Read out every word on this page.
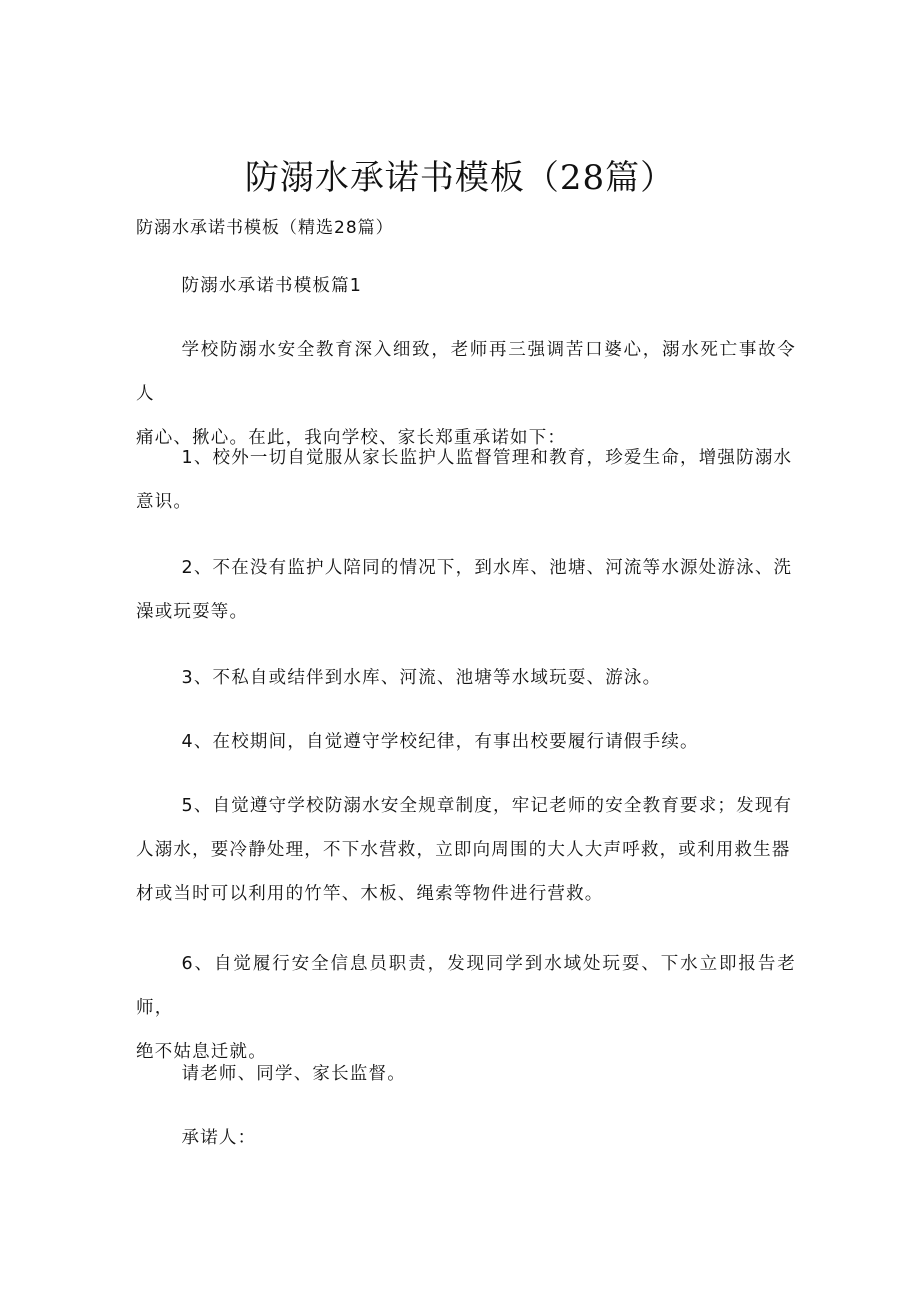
防溺水承诺书模板（28篇）
防溺水承诺书模板（精选28篇）

防溺水承诺书模板篇1

学校防溺水安全教育深入细致，老师再三强调苦口婆心，溺水死亡事故令人
痛心、揪心。在此，我向学校、家长郑重承诺如下：

1、校外一切自觉服从家长监护人监督管理和教育，珍爱生命，增强防溺水
意识。

2、不在没有监护人陪同的情况下，到水库、池塘、河流等水源处游泳、洗
澡或玩耍等。

3、不私自或结伴到水库、河流、池塘等水域玩耍、游泳。

4、在校期间，自觉遵守学校纪律，有事出校要履行请假手续。

5、自觉遵守学校防溺水安全规章制度，牢记老师的安全教育要求；发现有
人溺水，要冷静处理，不下水营救，立即向周围的大人大声呼救，或利用救生器
材或当时可以利用的竹竿、木板、绳索等物件进行营救。

6、自觉履行安全信息员职责，发现同学到水域处玩耍、下水立即报告老师，
绝不姑息迁就。

请老师、同学、家长监督。

承诺人：
